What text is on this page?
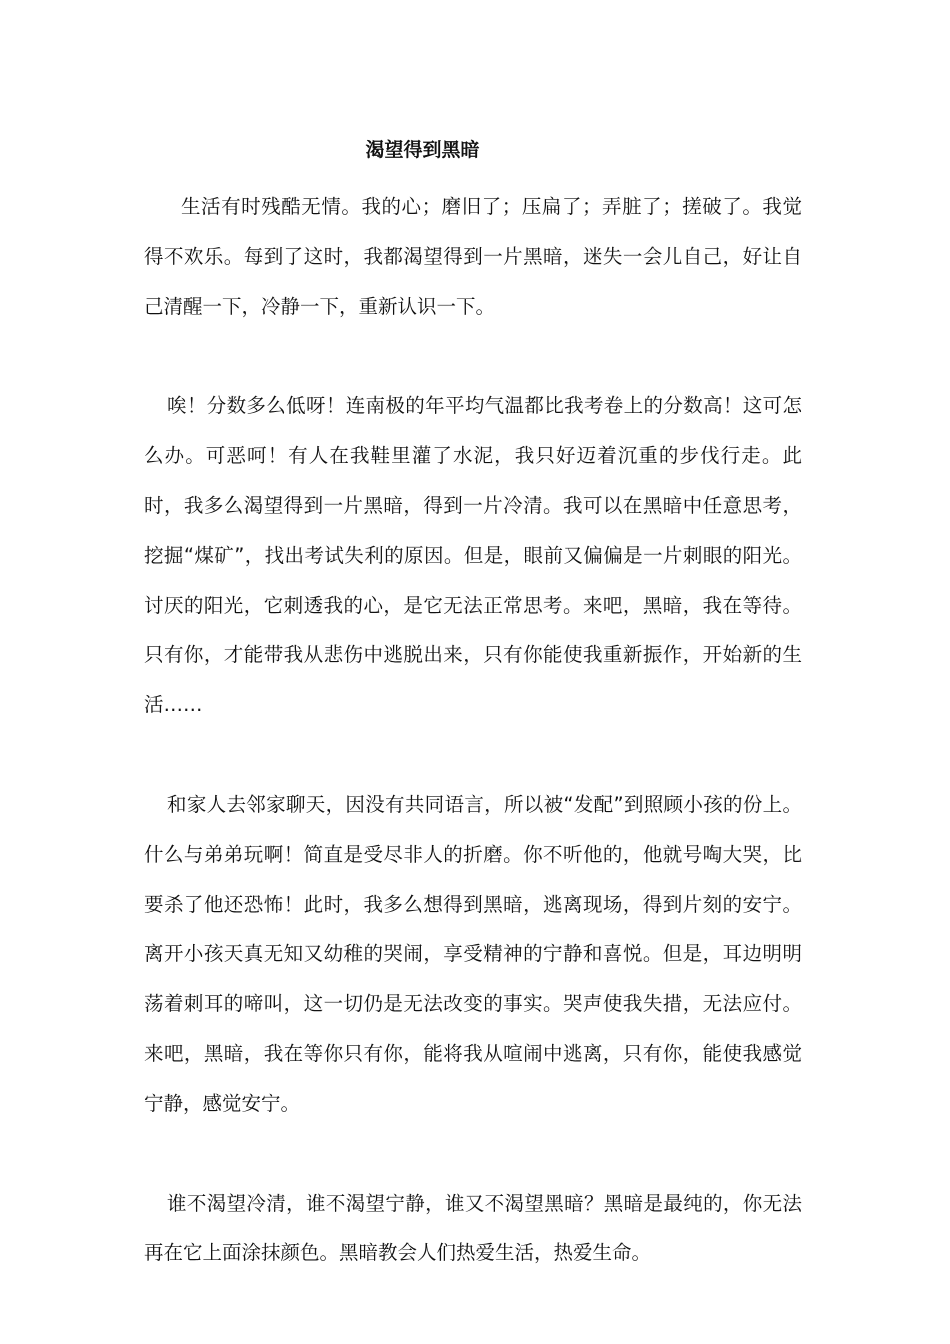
渴望得到黑暗

生活有时残酷无情。我的心；磨旧了；压扁了；弄脏了；搓破了。我觉得不欢乐。每到了这时，我都渴望得到一片黑暗，迷失一会儿自己，好让自己清醒一下，冷静一下，重新认识一下。

唉！分数多么低呀！连南极的年平均气温都比我考卷上的分数高！这可怎么办。可恶呵！有人在我鞋里灌了水泥，我只好迈着沉重的步伐行走。此时，我多么渴望得到一片黑暗，得到一片冷清。我可以在黑暗中任意思考，挖掘“煤矿”，找出考试失利的原因。但是，眼前又偏偏是一片刺眼的阳光。讨厌的阳光，它刺透我的心，是它无法正常思考。来吧，黑暗，我在等待。只有你，才能带我从悲伤中逃脱出来，只有你能使我重新振作，开始新的生活……

和家人去邻家聊天，因没有共同语言，所以被“发配”到照顾小孩的份上。什么与弟弟玩啊！简直是受尽非人的折磨。你不听他的，他就号啕大哭，比要杀了他还恐怖！此时，我多么想得到黑暗，逃离现场，得到片刻的安宁。离开小孩天真无知又幼稚的哭闹，享受精神的宁静和喜悦。但是，耳边明明荡着刺耳的啼叫，这一切仍是无法改变的事实。哭声使我失措，无法应付。来吧，黑暗，我在等你只有你，能将我从喧闹中逃离，只有你，能使我感觉宁静，感觉安宁。

谁不渴望冷清，谁不渴望宁静，谁又不渴望黑暗？黑暗是最纯的，你无法再在它上面涂抹颜色。黑暗教会人们热爱生活，热爱生命。
